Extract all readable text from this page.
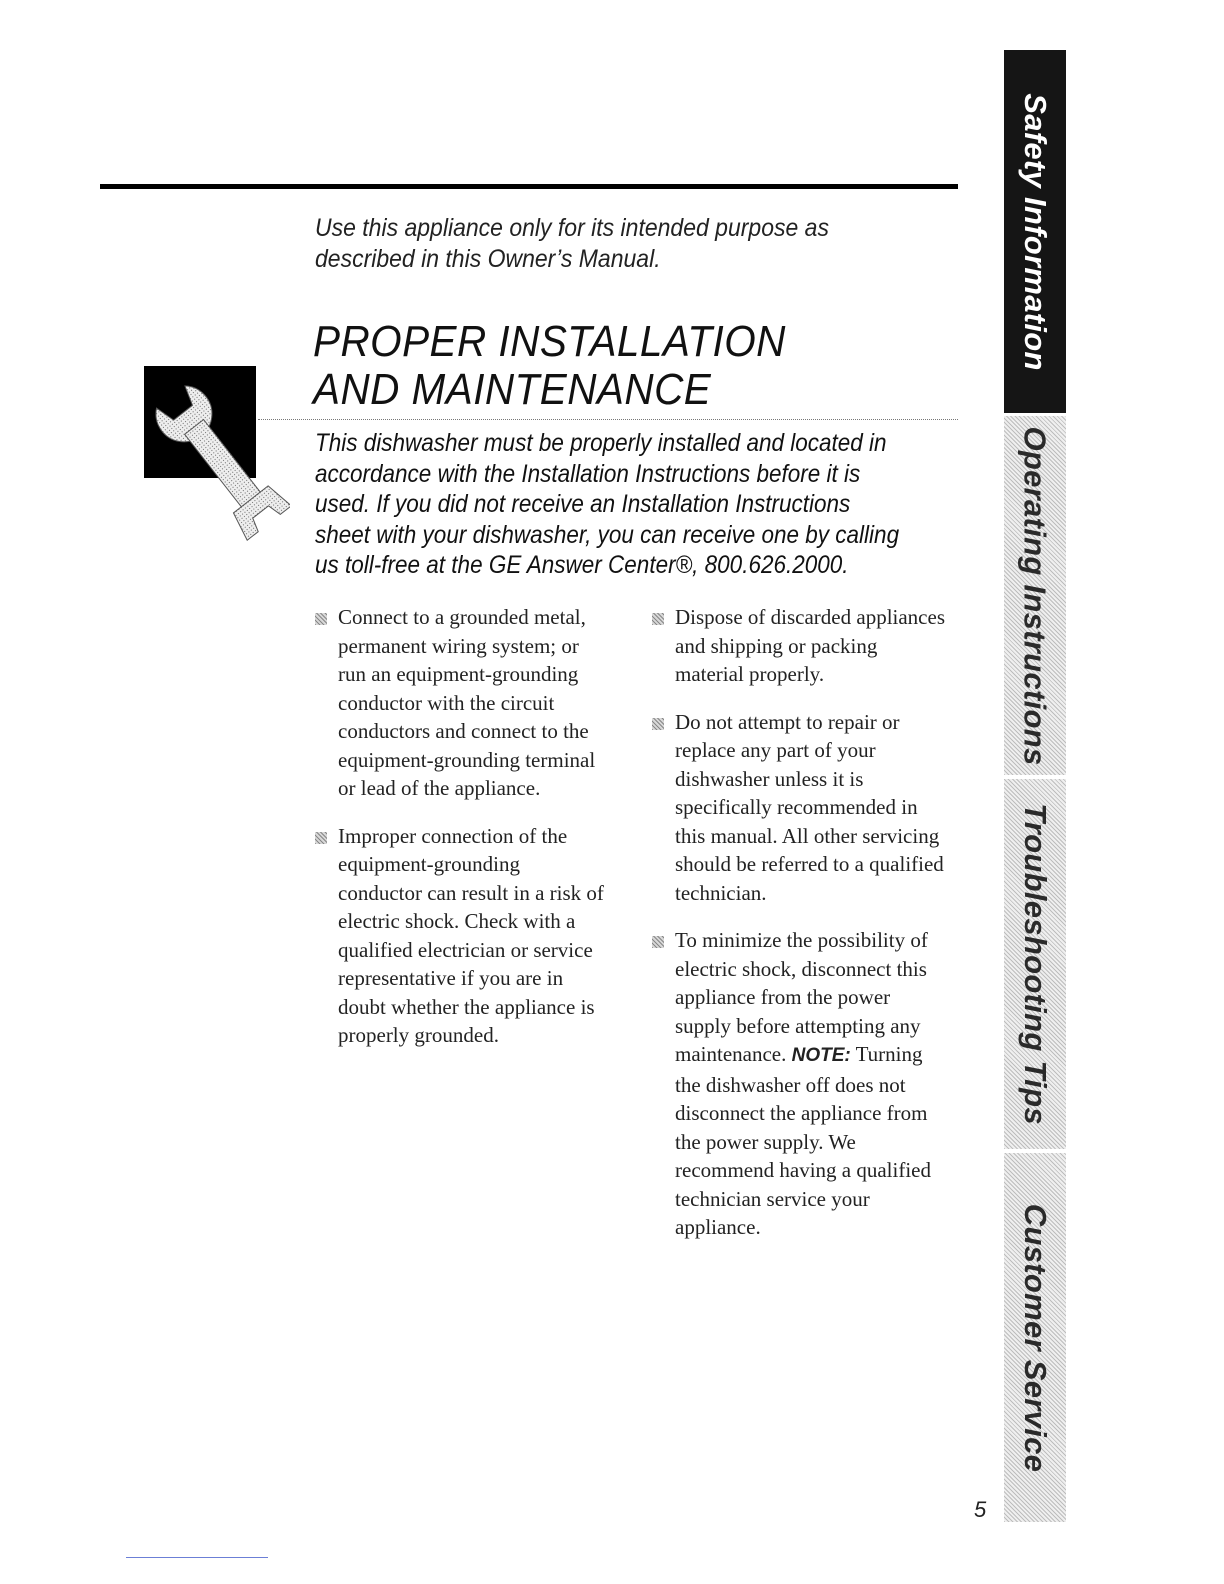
Use this appliance only for its intended purpose as
described in this Owner’s Manual.
PROPER INSTALLATION
AND MAINTENANCE

This dishwasher must be properly installed and located in

accordance with the Installation Instructions before it is

used. If you did not receive an Installation Instructions

sheet with your dishwasher, you can receive one by calling

us toll-free at the GE Answer Center®, 800.626.2000.

Connect to a grounded metal, permanent wiring system; or run an equipment-grounding conductor with the circuit conductors and connect to the equipment-grounding terminal or lead of the appliance.

Improper connection of the equipment-grounding conductor can result in a risk of electric shock. Check with a qualified electrician or service representative if you are in doubt whether the appliance is properly grounded.

Dispose of discarded appliances and shipping or packing material properly.

Do not attempt to repair or replace any part of your dishwasher unless it is specifically recommended in this manual. All other servicing should be referred to a qualified technician.

To minimize the possibility of electric shock, disconnect this appliance from the power supply before attempting any maintenance. NOTE: Turning the dishwasher off does not disconnect the appliance from the power supply. We recommend having a qualified technician service your appliance.

Safety Information
Operating Instructions
Troubleshooting Tips
Customer Service
5
